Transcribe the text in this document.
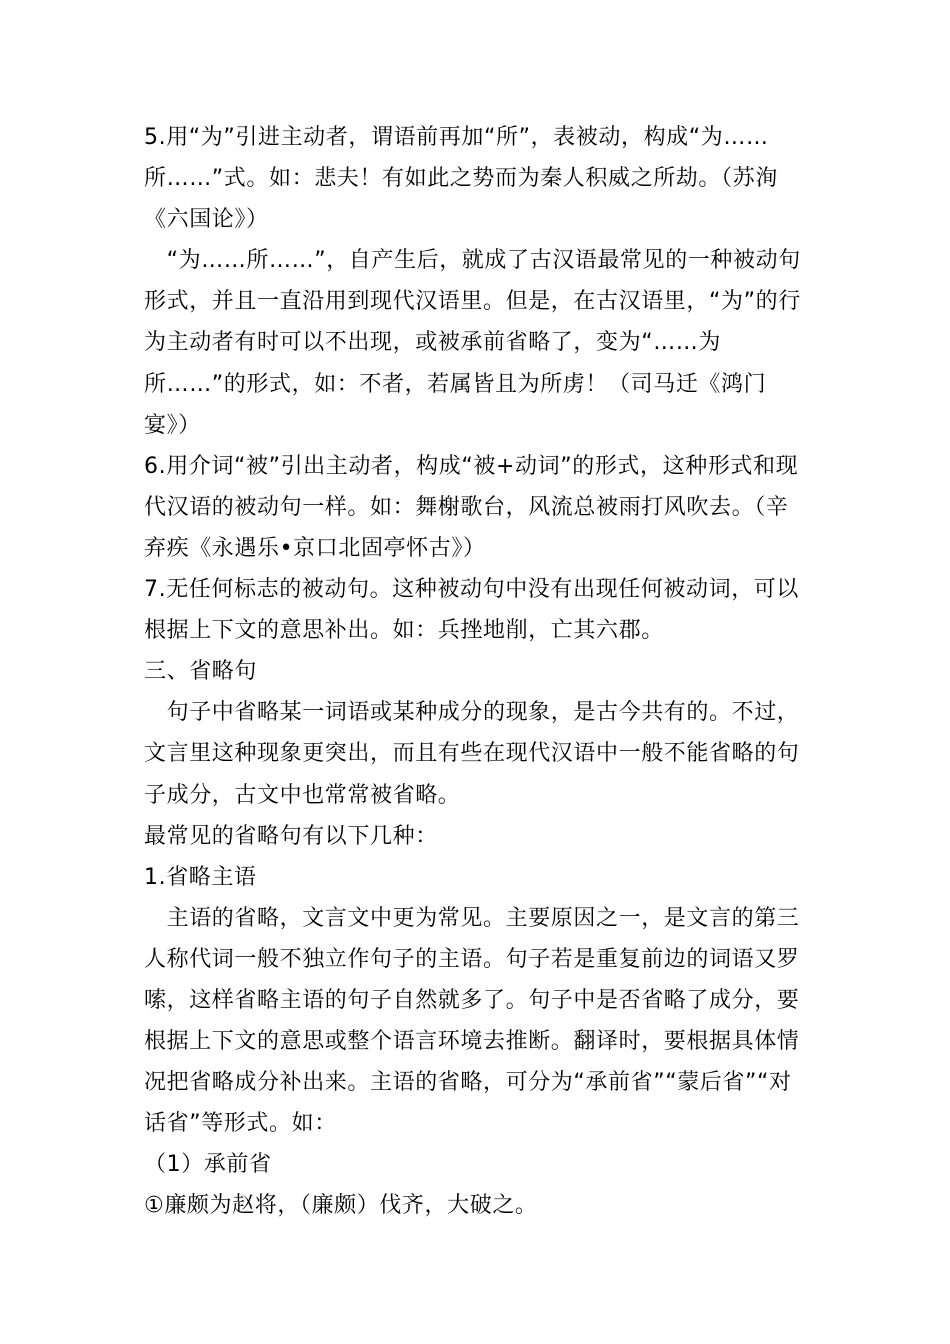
5.用“为”引进主动者，谓语前再加“所”，表被动，构成“为……所……”式。如：悲夫！有如此之势而为秦人积威之所劫。（苏洵《六国论》）

　“为……所……”，自产生后，就成了古汉语最常见的一种被动句形式，并且一直沿用到现代汉语里。但是，在古汉语里，“为”的行为主动者有时可以不出现，或被承前省略了，变为“……为所……”的形式，如：不者，若属皆且为所虏！（司马迁《鸿门宴》）

6.用介词“被”引出主动者，构成“被+动词”的形式，这种形式和现代汉语的被动句一样。如：舞榭歌台，风流总被雨打风吹去。（辛弃疾《永遇乐•京口北固亭怀古》）

7.无任何标志的被动句。这种被动句中没有出现任何被动词，可以根据上下文的意思补出。如：兵挫地削，亡其六郡。

三、省略句

　句子中省略某一词语或某种成分的现象，是古今共有的。不过，文言里这种现象更突出，而且有些在现代汉语中一般不能省略的句子成分，古文中也常常被省略。

最常见的省略句有以下几种：

1.省略主语

　主语的省略，文言文中更为常见。主要原因之一，是文言的第三人称代词一般不独立作句子的主语。句子若是重复前边的词语又罗嗦，这样省略主语的句子自然就多了。句子中是否省略了成分，要根据上下文的意思或整个语言环境去推断。翻译时，要根据具体情况把省略成分补出来。主语的省略，可分为“承前省”“蒙后省”“对话省”等形式。如：

（1）承前省

①廉颇为赵将，（廉颇）伐齐，大破之。
